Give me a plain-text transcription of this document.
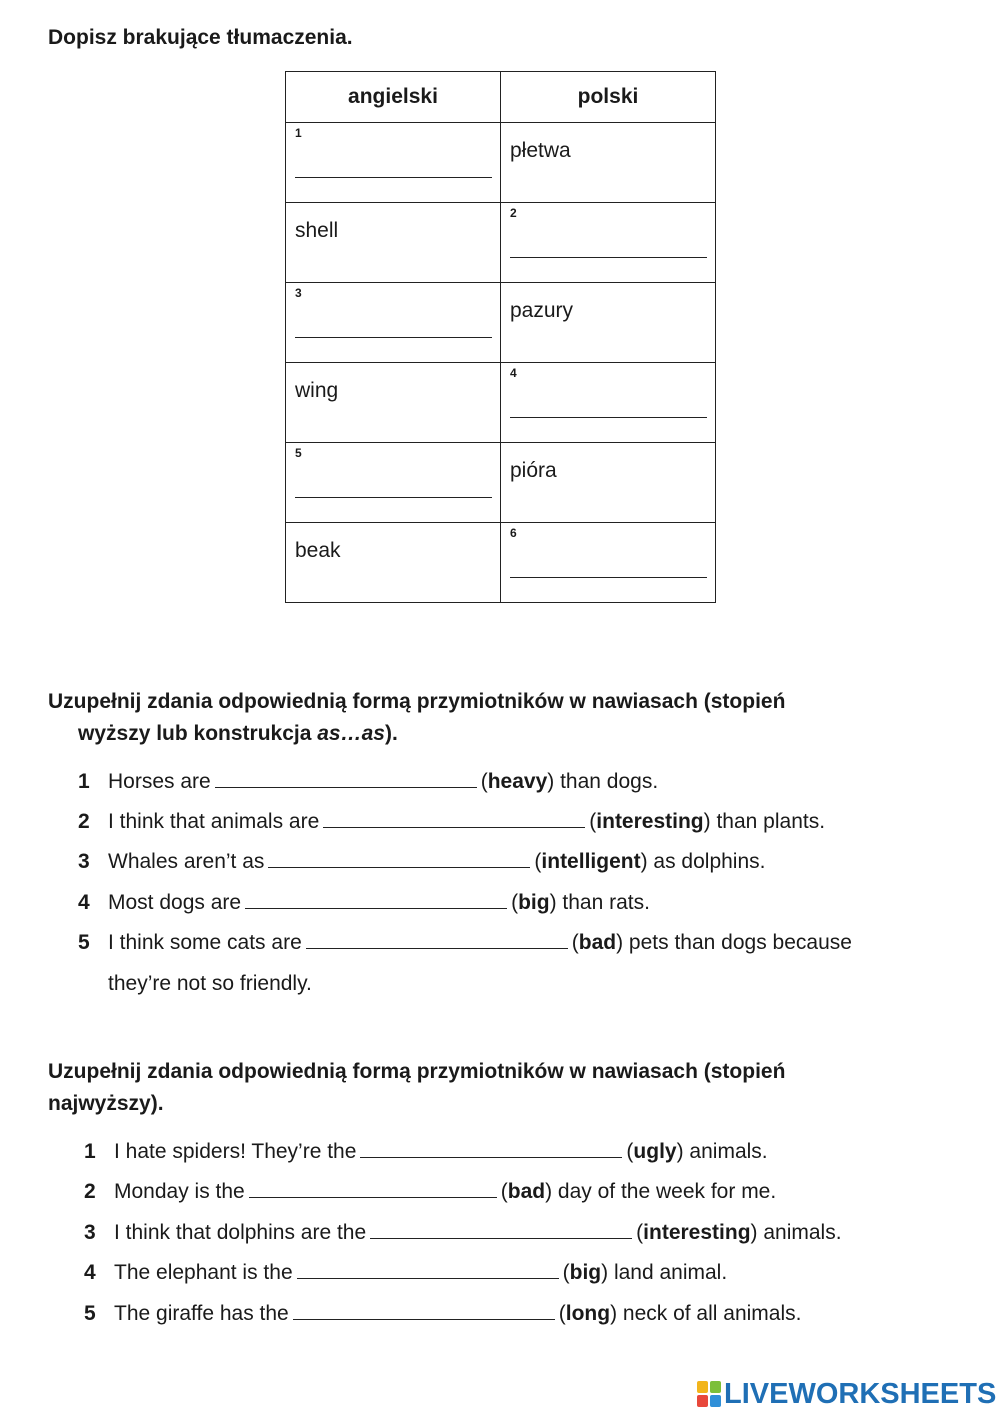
Dopisz brakujące tłumaczenia.
angielski	polski

1	płetwa

shell	2

3	pazury

wing	4

5	pióra

beak	6
Uzupełnij zdania odpowiednią formą przymiotników w nawiasach (stopień
wyższy lub konstrukcja as…as).
1 Horses are	(heavy) than dogs.
2 I think that animals are	(interesting) than plants.
3 Whales aren’t as	(intelligent) as dolphins.
4 Most dogs are	(big) than rats.
5 I think some cats are	(bad) pets than dogs because
they’re not so friendly.
Uzupełnij zdania odpowiednią formą przymiotników w nawiasach (stopień
najwyższy).
1 I hate spiders! They’re the	(ugly) animals.
2 Monday is the	(bad) day of the week for me.
3 I think that dolphins are the	(interesting) animals.
4 The elephant is the	(big) land animal.
5 The giraffe has the	(long) neck of all animals.
LIVEWORKSHEETS
